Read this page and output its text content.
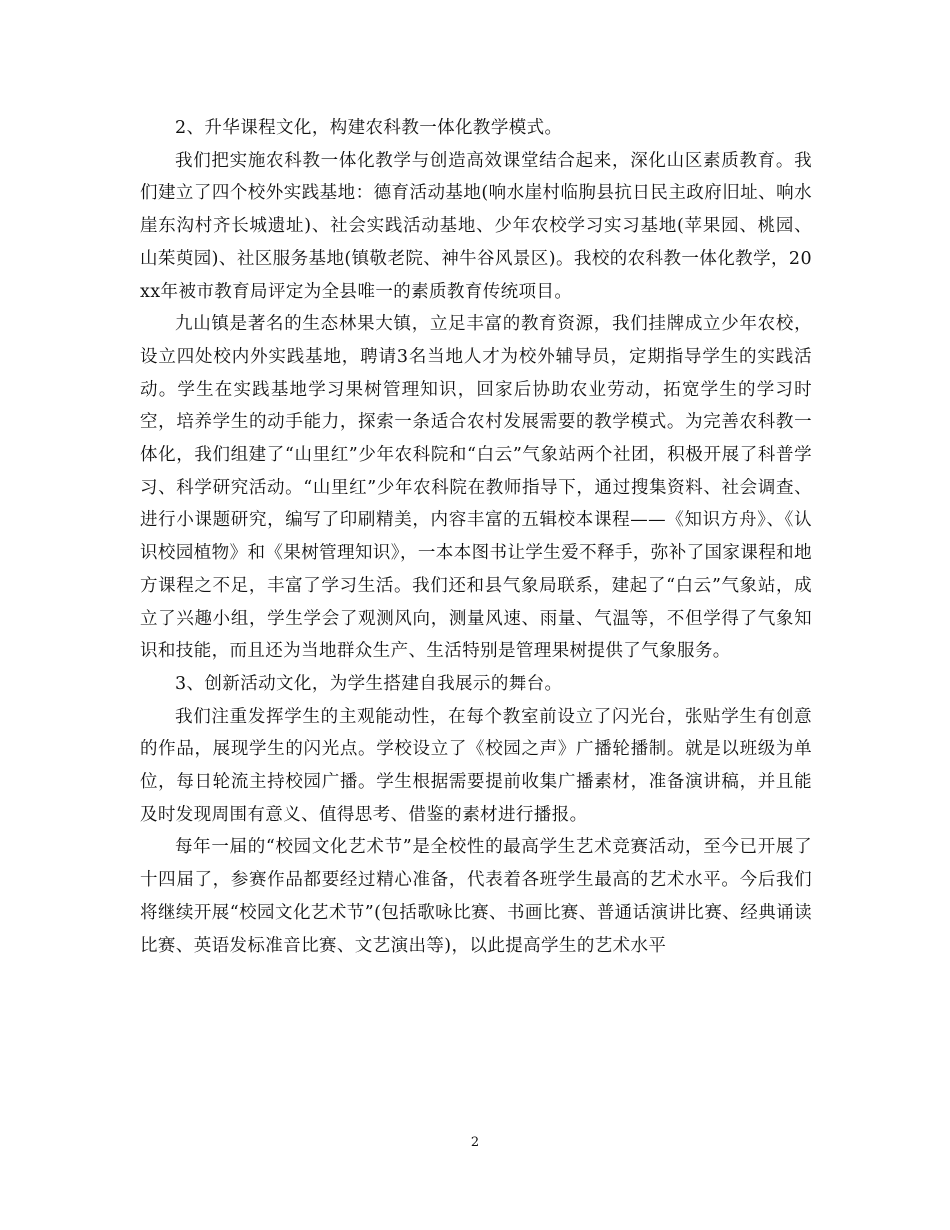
2、升华课程文化，构建农科教一体化教学模式。

我们把实施农科教一体化教学与创造高效课堂结合起来，深化山区素质教育。我们建立了四个校外实践基地：德育活动基地(响水崖村临朐县抗日民主政府旧址、响水崖东沟村齐长城遗址)、社会实践活动基地、少年农校学习实习基地(苹果园、桃园、山茱萸园)、社区服务基地(镇敬老院、神牛谷风景区)。我校的农科教一体化教学，20xx年被市教育局评定为全县唯一的素质教育传统项目。

九山镇是著名的生态林果大镇，立足丰富的教育资源，我们挂牌成立少年农校，设立四处校内外实践基地，聘请3名当地人才为校外辅导员，定期指导学生的实践活动。学生在实践基地学习果树管理知识，回家后协助农业劳动，拓宽学生的学习时空，培养学生的动手能力，探索一条适合农村发展需要的教学模式。为完善农科教一体化，我们组建了“山里红”少年农科院和“白云”气象站两个社团，积极开展了科普学习、科学研究活动。“山里红”少年农科院在教师指导下，通过搜集资料、社会调查、进行小课题研究，编写了印刷精美，内容丰富的五辑校本课程——《知识方舟》、《认识校园植物》和《果树管理知识》，一本本图书让学生爱不释手，弥补了国家课程和地方课程之不足，丰富了学习生活。我们还和县气象局联系，建起了“白云”气象站，成立了兴趣小组，学生学会了观测风向，测量风速、雨量、气温等，不但学得了气象知识和技能，而且还为当地群众生产、生活特别是管理果树提供了气象服务。

3、创新活动文化，为学生搭建自我展示的舞台。

我们注重发挥学生的主观能动性，在每个教室前设立了闪光台，张贴学生有创意的作品，展现学生的闪光点。学校设立了《校园之声》广播轮播制。就是以班级为单位，每日轮流主持校园广播。学生根据需要提前收集广播素材，准备演讲稿，并且能及时发现周围有意义、值得思考、借鉴的素材进行播报。

每年一届的“校园文化艺术节”是全校性的最高学生艺术竞赛活动，至今已开展了十四届了，参赛作品都要经过精心准备，代表着各班学生最高的艺术水平。今后我们将继续开展“校园文化艺术节”(包括歌咏比赛、书画比赛、普通话演讲比赛、经典诵读比赛、英语发标准音比赛、文艺演出等)，以此提高学生的艺术水平

2
